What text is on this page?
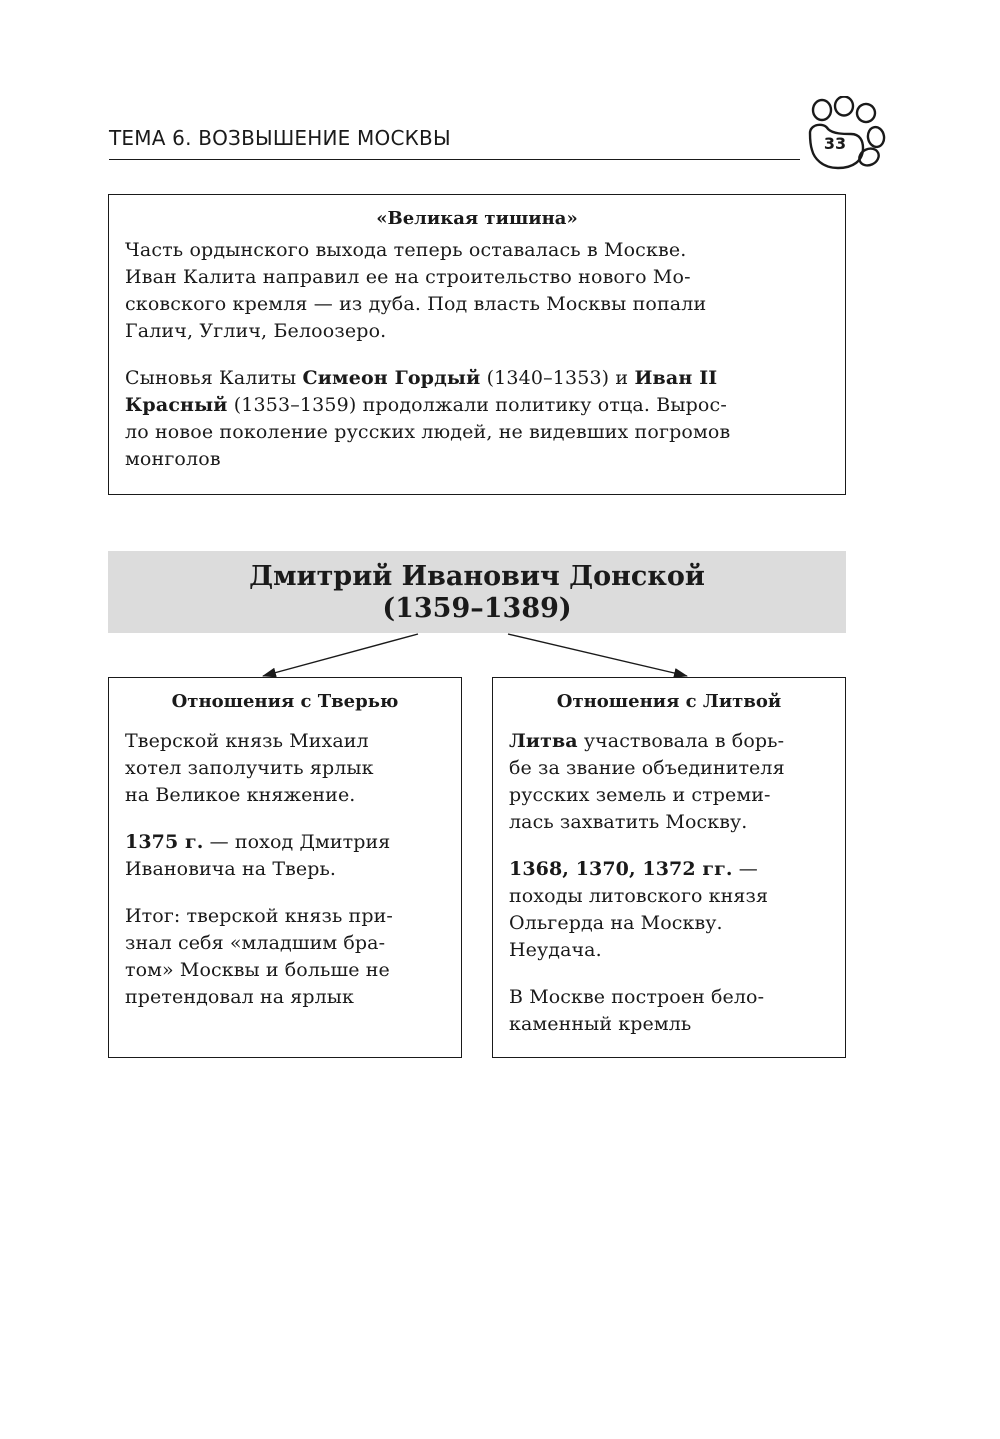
ТЕМА 6. ВОЗВЫШЕНИЕ МОСКВЫ	33

«Великая тишина»

Часть ордынского выхода теперь оставалась в Москве.
Иван Калита направил ее на строительство нового Мо-
сковского кремля — из дуба. Под власть Москвы попали
Галич, Углич, Белоозеро.

Сыновья Калиты Симеон Гордый (1340–1353) и Иван II
Красный (1353–1359) продолжали политику отца. Вырос-
ло новое поколение русских людей, не видевших погромов
монголов

Дмитрий Иванович Донской
(1359–1389)

Отношения с Тверью

Тверской князь Михаил
хотел заполучить ярлык
на Великое княжение.

1375 г. — поход Дмитрия
Ивановича на Тверь.

Итог: тверской князь при-
знал себя «младшим бра-
том» Москвы и больше не
претендовал на ярлык

Отношения с Литвой

Литва участвовала в борь-
бе за звание объединителя
русских земель и стреми-
лась захватить Москву.

1368, 1370, 1372 гг. —
походы литовского князя
Ольгерда на Москву.
Неудача.

В Москве построен бело-
каменный кремль
